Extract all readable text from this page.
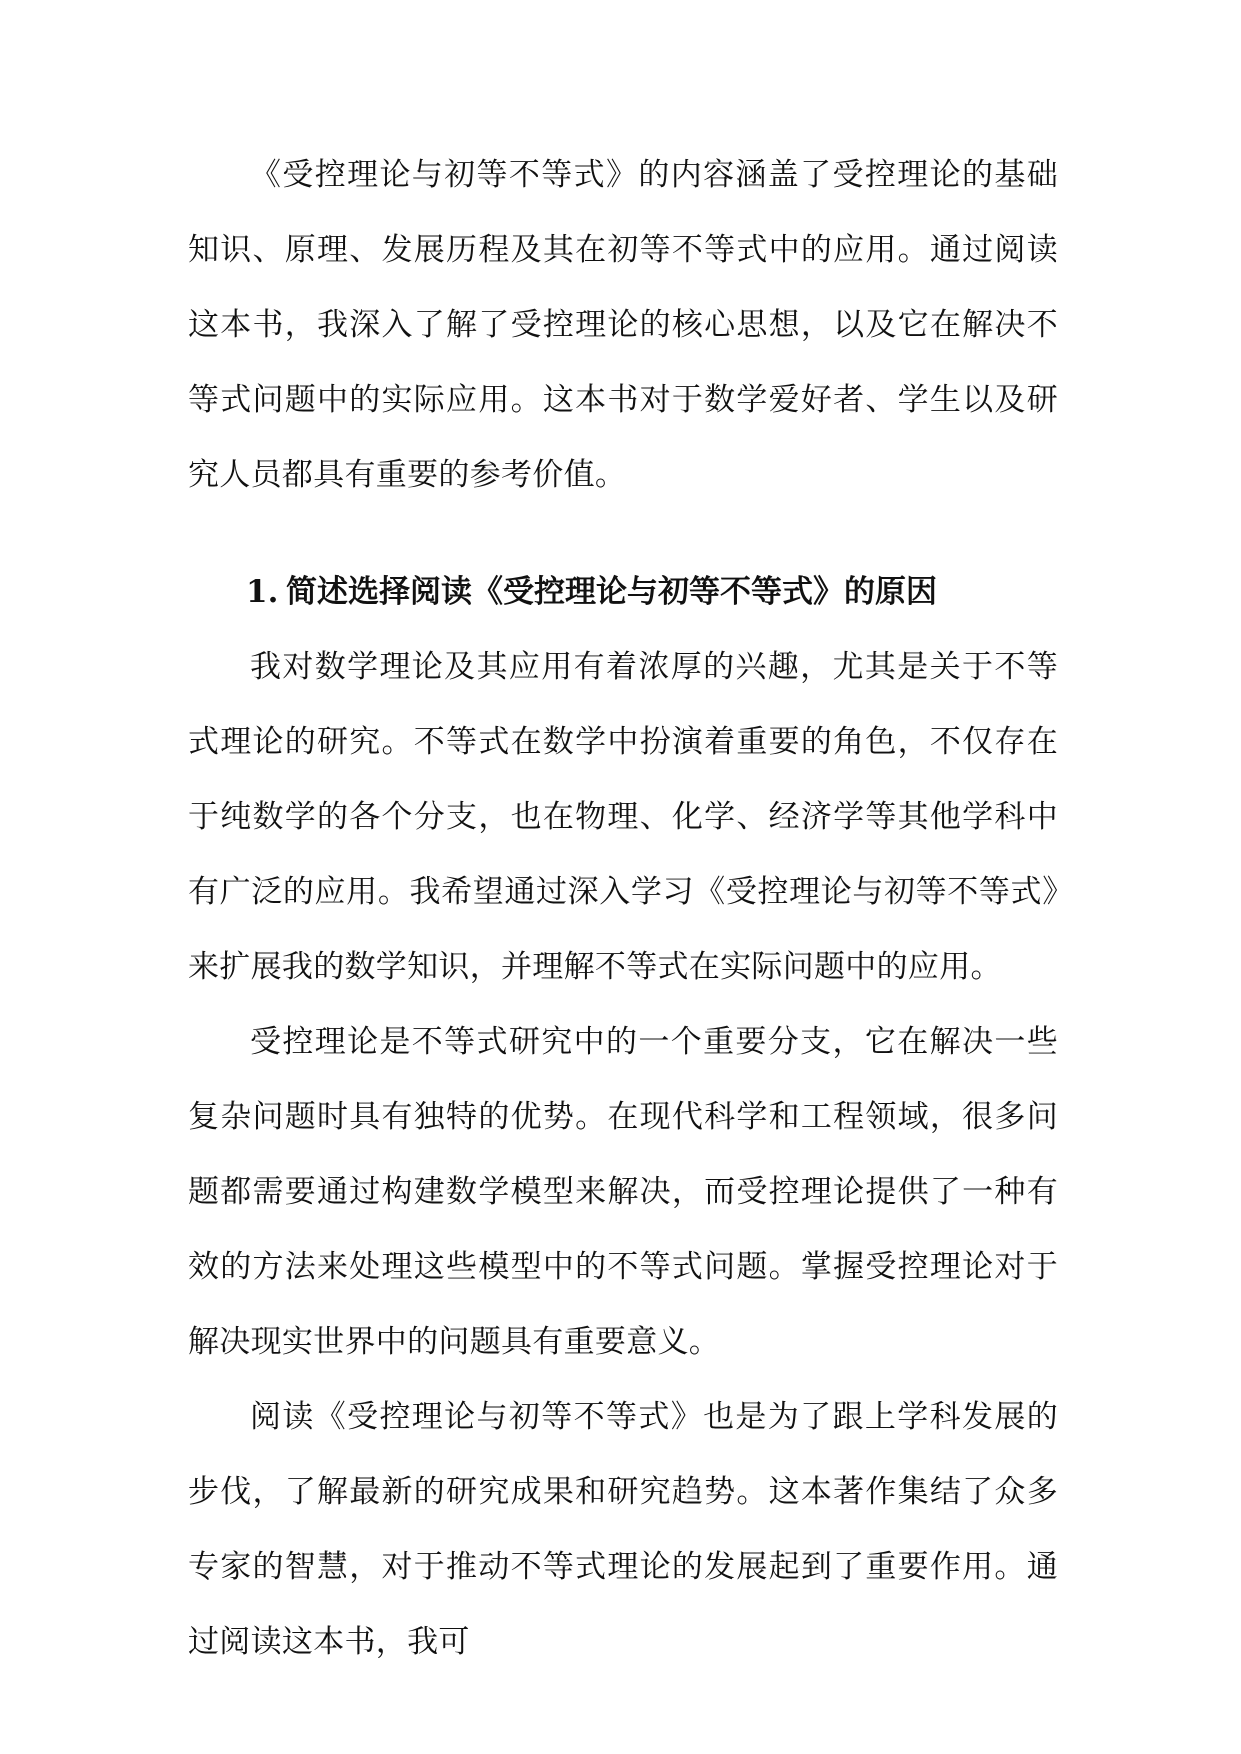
《受控理论与初等不等式》的内容涵盖了受控理论的基础知识、原理、发展历程及其在初等不等式中的应用。通过阅读这本书，我深入了解了受控理论的核心思想，以及它在解决不等式问题中的实际应用。这本书对于数学爱好者、学生以及研究人员都具有重要的参考价值。

1. 简述选择阅读《受控理论与初等不等式》的原因

我对数学理论及其应用有着浓厚的兴趣，尤其是关于不等式理论的研究。不等式在数学中扮演着重要的角色，不仅存在于纯数学的各个分支，也在物理、化学、经济学等其他学科中有广泛的应用。我希望通过深入学习《受控理论与初等不等式》来扩展我的数学知识，并理解不等式在实际问题中的应用。

受控理论是不等式研究中的一个重要分支，它在解决一些复杂问题时具有独特的优势。在现代科学和工程领域，很多问题都需要通过构建数学模型来解决，而受控理论提供了一种有效的方法来处理这些模型中的不等式问题。掌握受控理论对于解决现实世界中的问题具有重要意义。

阅读《受控理论与初等不等式》也是为了跟上学科发展的步伐，了解最新的研究成果和研究趋势。这本著作集结了众多专家的智慧，对于推动不等式理论的发展起到了重要作用。通过阅读这本书，我可
